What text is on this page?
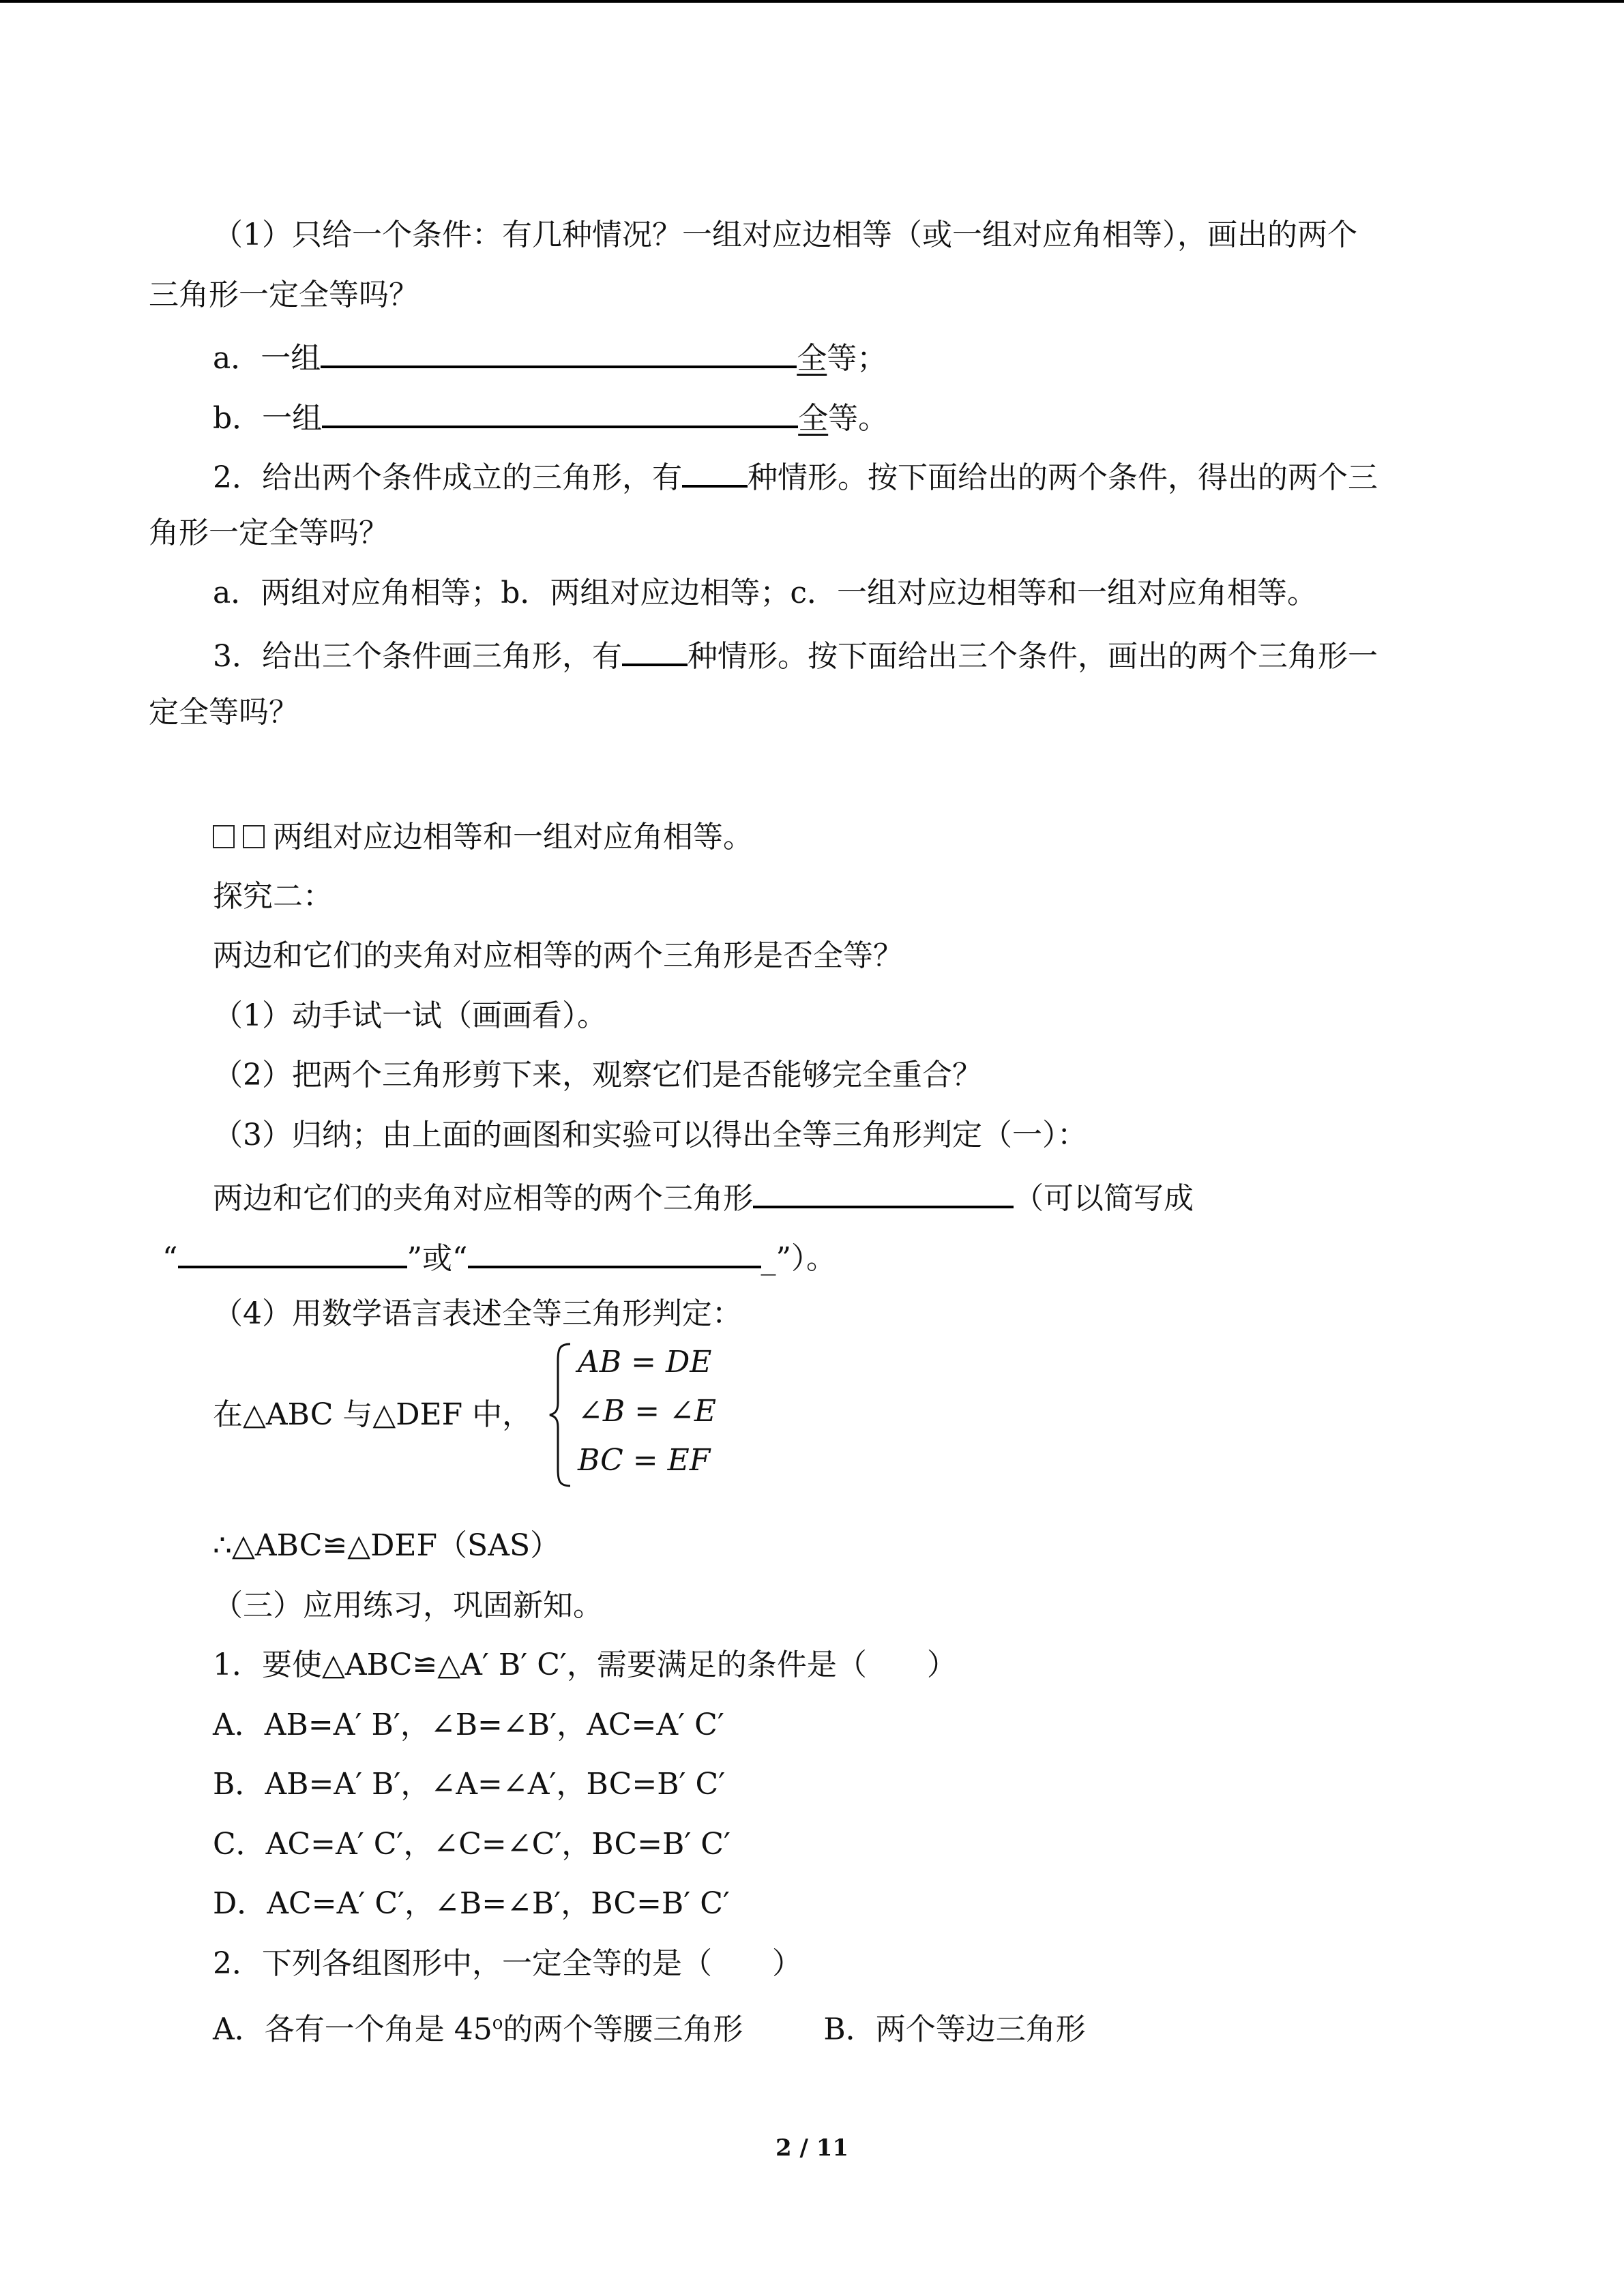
（1）只给一个条件：有几种情况？一组对应边相等（或一组对应角相等），画出的两个
三角形一定全等吗？
a．一组	全等；
b．一组	全等。
2．给出两个条件成立的三角形，有 种情形。按下面给出的两个条件，得出的两个三
角形一定全等吗？
a．两组对应角相等；b．两组对应边相等；c．一组对应边相等和一组对应角相等。
3．给出三个条件画三角形，有 种情形。按下面给出三个条件，画出的两个三角形一
定全等吗？
两组对应边相等和一组对应角相等。
探究二：
两边和它们的夹角对应相等的两个三角形是否全等？
（1）动手试一试（画画看）。
（2）把两个三角形剪下来，观察它们是否能够完全重合？
（3）归纳；由上面的画图和实验可以得出全等三角形判定（一）：
两边和它们的夹角对应相等的两个三角形	（可以简写成
“	”或“	_”）。
（4）用数学语言表述全等三角形判定：
在△ABC 与△DEF 中，
AB = DE
∠B = ∠E
BC = EF
∴△ABC≌△DEF（SAS）
（三）应用练习，巩固新知。
1．要使△ABC≌△A′ B′ C′，需要满足的条件是（　　）
A．AB=A′ B′，∠B=∠B′，AC=A′ C′
B．AB=A′ B′，∠A=∠A′，BC=B′ C′
C．AC=A′ C′，∠C=∠C′，BC=B′ C′
D．AC=A′ C′，∠B=∠B′，BC=B′ C′
2．下列各组图形中，一定全等的是（　　）
A．各有一个角是 45$^o$的两个等腰三角形	B．两个等边三角形
2 / 11
